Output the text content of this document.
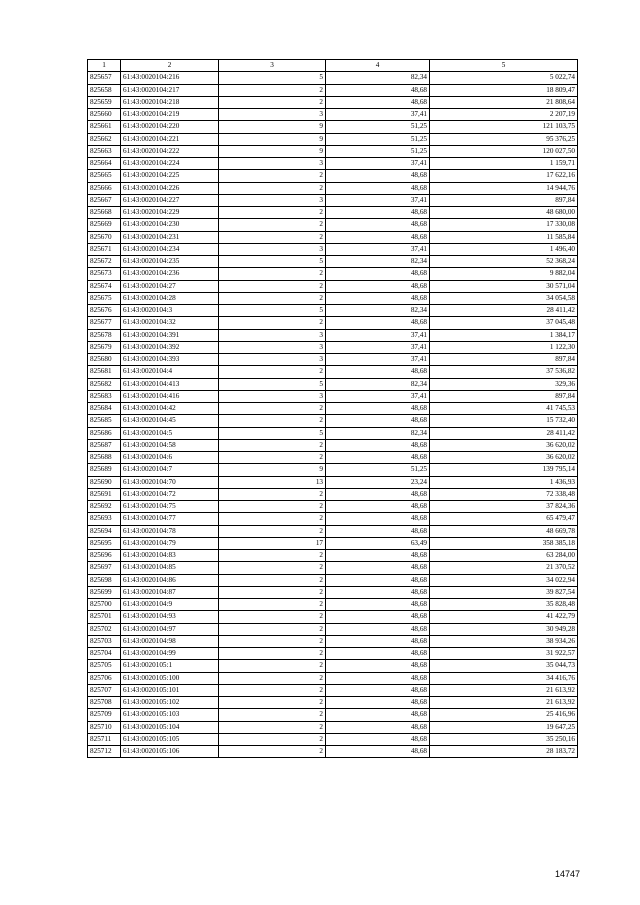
1	2	3	4	5
825657	61:43:0020104:216	5	82,34	5 022,74
825658	61:43:0020104:217	2	48,68	18 809,47
825659	61:43:0020104:218	2	48,68	21 808,64
825660	61:43:0020104:219	3	37,41	2 207,19
825661	61:43:0020104:220	9	51,25	121 103,75
825662	61:43:0020104:221	9	51,25	95 376,25
825663	61:43:0020104:222	9	51,25	120 027,50
825664	61:43:0020104:224	3	37,41	1 159,71
825665	61:43:0020104:225	2	48,68	17 622,16
825666	61:43:0020104:226	2	48,68	14 944,76
825667	61:43:0020104:227	3	37,41	897,84
825668	61:43:0020104:229	2	48,68	48 680,00
825669	61:43:0020104:230	2	48,68	17 330,08
825670	61:43:0020104:231	2	48,68	11 585,84
825671	61:43:0020104:234	3	37,41	1 496,40
825672	61:43:0020104:235	5	82,34	52 368,24
825673	61:43:0020104:236	2	48,68	9 882,04
825674	61:43:0020104:27	2	48,68	30 571,04
825675	61:43:0020104:28	2	48,68	34 054,58
825676	61:43:0020104:3	5	82,34	28 411,42
825677	61:43:0020104:32	2	48,68	37 045,48
825678	61:43:0020104:391	3	37,41	1 384,17
825679	61:43:0020104:392	3	37,41	1 122,30
825680	61:43:0020104:393	3	37,41	897,84
825681	61:43:0020104:4	2	48,68	37 536,82
825682	61:43:0020104:413	5	82,34	329,36
825683	61:43:0020104:416	3	37,41	897,84
825684	61:43:0020104:42	2	48,68	41 745,53
825685	61:43:0020104:45	2	48,68	15 732,40
825686	61:43:0020104:5	5	82,34	28 411,42
825687	61:43:0020104:58	2	48,68	36 620,02
825688	61:43:0020104:6	2	48,68	36 620,02
825689	61:43:0020104:7	9	51,25	139 795,14
825690	61:43:0020104:70	13	23,24	1 436,93
825691	61:43:0020104:72	2	48,68	72 338,48
825692	61:43:0020104:75	2	48,68	37 824,36
825693	61:43:0020104:77	2	48,68	65 479,47
825694	61:43:0020104:78	2	48,68	48 669,78
825695	61:43:0020104:79	17	63,49	358 385,18
825696	61:43:0020104:83	2	48,68	63 284,00
825697	61:43:0020104:85	2	48,68	21 370,52
825698	61:43:0020104:86	2	48,68	34 022,94
825699	61:43:0020104:87	2	48,68	39 827,54
825700	61:43:0020104:9	2	48,68	35 828,48
825701	61:43:0020104:93	2	48,68	41 422,79
825702	61:43:0020104:97	2	48,68	30 949,28
825703	61:43:0020104:98	2	48,68	38 934,26
825704	61:43:0020104:99	2	48,68	31 922,57
825705	61:43:0020105:1	2	48,68	35 044,73
825706	61:43:0020105:100	2	48,68	34 416,76
825707	61:43:0020105:101	2	48,68	21 613,92
825708	61:43:0020105:102	2	48,68	21 613,92
825709	61:43:0020105:103	2	48,68	25 416,96
825710	61:43:0020105:104	2	48,68	19 647,25
825711	61:43:0020105:105	2	48,68	35 250,16
825712	61:43:0020105:106	2	48,68	28 183,72
14747
